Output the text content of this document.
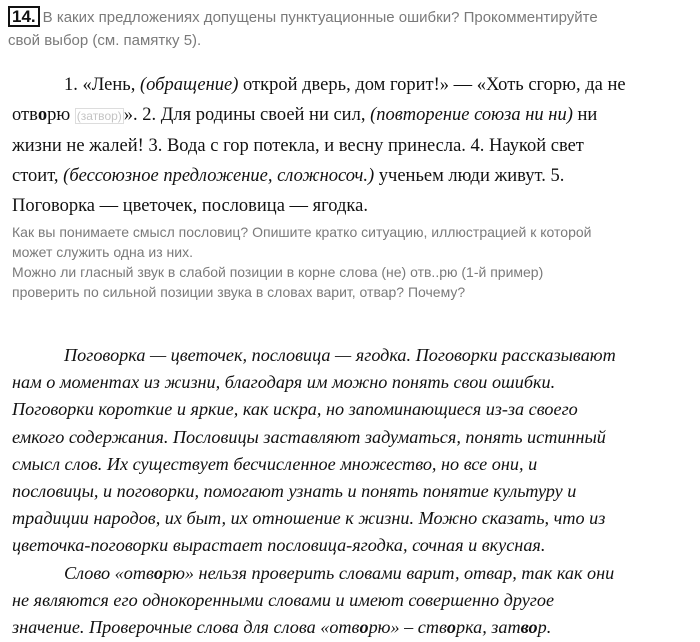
14. В каких предложениях допущены пунктуационные ошибки? Прокомментируйте
свой выбор (см. памятку 5).
1. «Лень, (обращение) открой дверь, дом горит!» — «Хоть сгорю, да не
отворю (затвор) ». 2. Для родины своей ни сил, (повторение союза ни ни) ни
жизни не жалей! 3. Вода с гор потекла, и весну принесла. 4. Наукой свет
стоит, (бессоюзное предложение, сложносоч.) ученьем люди живут. 5.
Поговорка — цветочек, пословица — ягодка.
Как вы понимаете смысл пословиц? Опишите кратко ситуацию, иллюстрацией к которой
может служить одна из них.
Можно ли гласный звук в слабой позиции в корне слова (не) отв..рю (1-й пример)
проверить по сильной позиции звука в словах варит, отвар? Почему?
Поговорка — цветочек, пословица — ягодка. Поговорки рассказывают
нам о моментах из жизни, благодаря им можно понять свои ошибки.
Поговорки короткие и яркие, как искра, но запоминающиеся из-за своего
емкого содержания. Пословицы заставляют задуматься, понять истинный
смысл слов. Их существует бесчисленное множество, но все они, и
пословицы, и поговорки, помогают узнать и понять понятие культуру и
традиции народов, их быт, их отношение к жизни. Можно сказать, что из
цветочка-поговорки вырастает пословица-ягодка, сочная и вкусная.
Слово «отворю» нельзя проверить словами варит, отвар, так как они
не являются его однокоренными словами и имеют совершенно другое
значение. Проверочные слова для слова «отворю» – створка, затвор.
